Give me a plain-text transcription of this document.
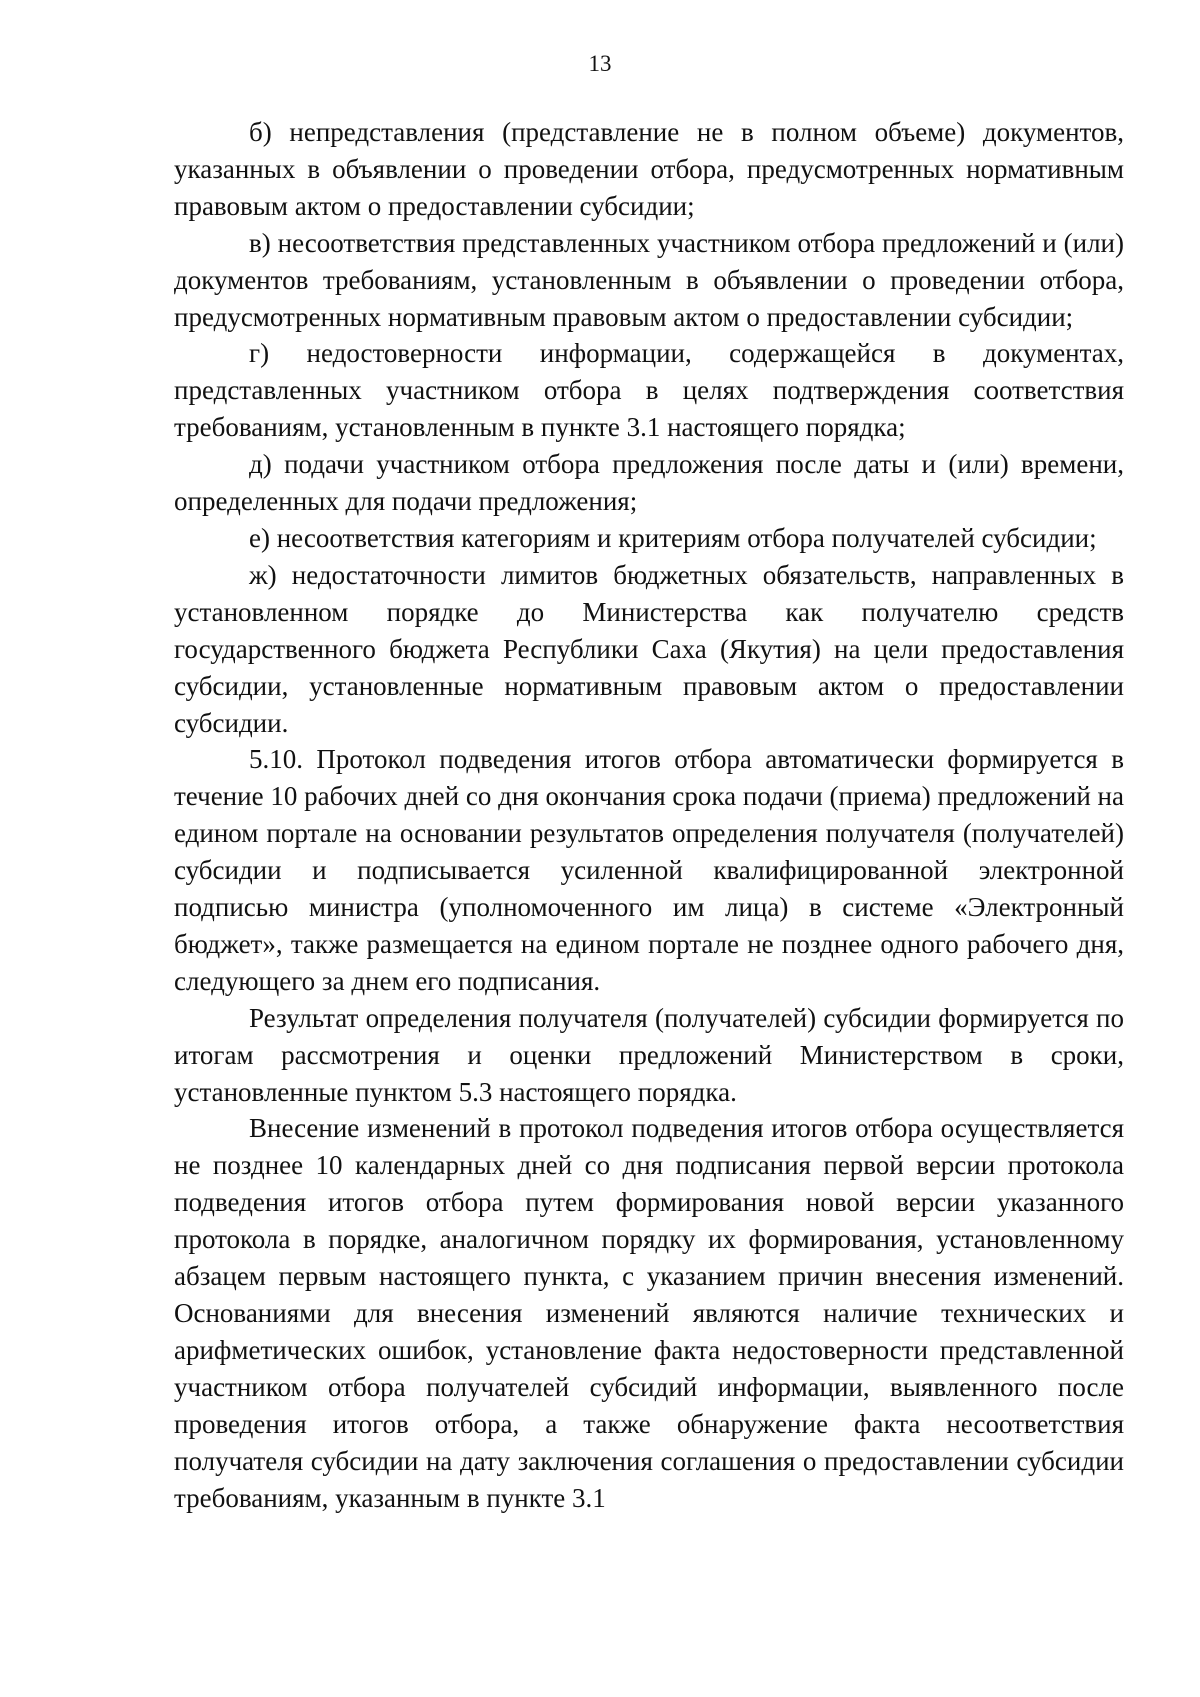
13

б) непредставления (представление не в полном объеме) документов, указанных в объявлении о проведении отбора, предусмотренных нормативным правовым актом о предоставлении субсидии;

в) несоответствия представленных участником отбора предложений и (или) документов требованиям, установленным в объявлении о проведении отбора, предусмотренных нормативным правовым актом о предоставлении субсидии;

г) недостоверности информации, содержащейся в документах, представленных участником отбора в целях подтверждения соответствия требованиям, установленным в пункте 3.1 настоящего порядка;

д) подачи участником отбора предложения после даты и (или) времени, определенных для подачи предложения;

е) несоответствия категориям и критериям отбора получателей субсидии;

ж) недостаточности лимитов бюджетных обязательств, направленных в установленном порядке до Министерства как получателю средств государственного бюджета Республики Саха (Якутия) на цели предоставления субсидии, установленные нормативным правовым актом о предоставлении субсидии.

5.10. Протокол подведения итогов отбора автоматически формируется в течение 10 рабочих дней со дня окончания срока подачи (приема) предложений на едином портале на основании результатов определения получателя (получателей) субсидии и подписывается усиленной квалифицированной электронной подписью министра (уполномоченного им лица) в системе «Электронный бюджет», также размещается на едином портале не позднее одного рабочего дня, следующего за днем его подписания.

Результат определения получателя (получателей) субсидии формируется по итогам рассмотрения и оценки предложений Министерством в сроки, установленные пунктом 5.3 настоящего порядка.

Внесение изменений в протокол подведения итогов отбора осуществляется не позднее 10 календарных дней со дня подписания первой версии протокола подведения итогов отбора путем формирования новой версии указанного протокола в порядке, аналогичном порядку их формирования, установленному абзацем первым настоящего пункта, с указанием причин внесения изменений. Основаниями для внесения изменений являются наличие технических и арифметических ошибок, установление факта недостоверности представленной участником отбора получателей субсидий информации, выявленного после проведения итогов отбора, а также обнаружение факта несоответствия получателя субсидии на дату заключения соглашения о предоставлении субсидии требованиям, указанным в пункте 3.1
